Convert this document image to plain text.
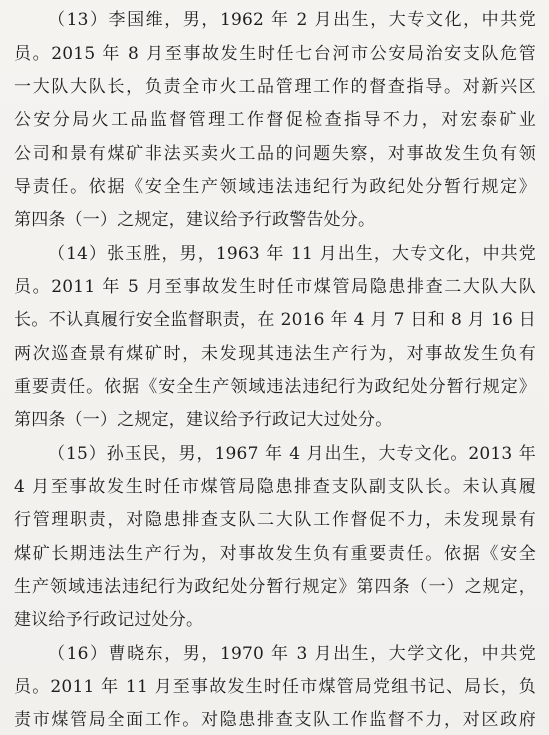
（13）李国维，男，1962 年 2 月出生，大专文化，中共党
员。2015 年 8 月至事故发生时任七台河市公安局治安支队危管
一大队大队长，负责全市火工品管理工作的督查指导。对新兴区
公安分局火工品监督管理工作督促检查指导不力，对宏泰矿业
公司和景有煤矿非法买卖火工品的问题失察，对事故发生负有领
导责任。依据《安全生产领域违法违纪行为政纪处分暂行规定》
第四条（一）之规定，建议给予行政警告处分。
（14）张玉胜，男，1963 年 11 月出生，大专文化，中共党
员。2011 年 5 月至事故发生时任市煤管局隐患排查二大队大队
长。不认真履行安全监督职责，在 2016 年 4 月 7 日和 8 月 16 日
两次巡查景有煤矿时，未发现其违法生产行为，对事故发生负有
重要责任。依据《安全生产领域违法违纪行为政纪处分暂行规定》
第四条（一）之规定，建议给予行政记大过处分。
（15）孙玉民，男，1967 年 4 月出生，大专文化。2013 年
4 月至事故发生时任市煤管局隐患排查支队副支队长。未认真履
行管理职责，对隐患排查支队二大队工作督促不力，未发现景有
煤矿长期违法生产行为，对事故发生负有重要责任。依据《安全
生产领域违法违纪行为政纪处分暂行规定》第四条（一）之规定，
建议给予行政记过处分。
（16）曹晓东，男，1970 年 3 月出生，大学文化，中共党
员。2011 年 11 月至事故发生时任市煤管局党组书记、局长，负
责市煤管局全面工作。对隐患排查支队工作监督不力，对区政府
